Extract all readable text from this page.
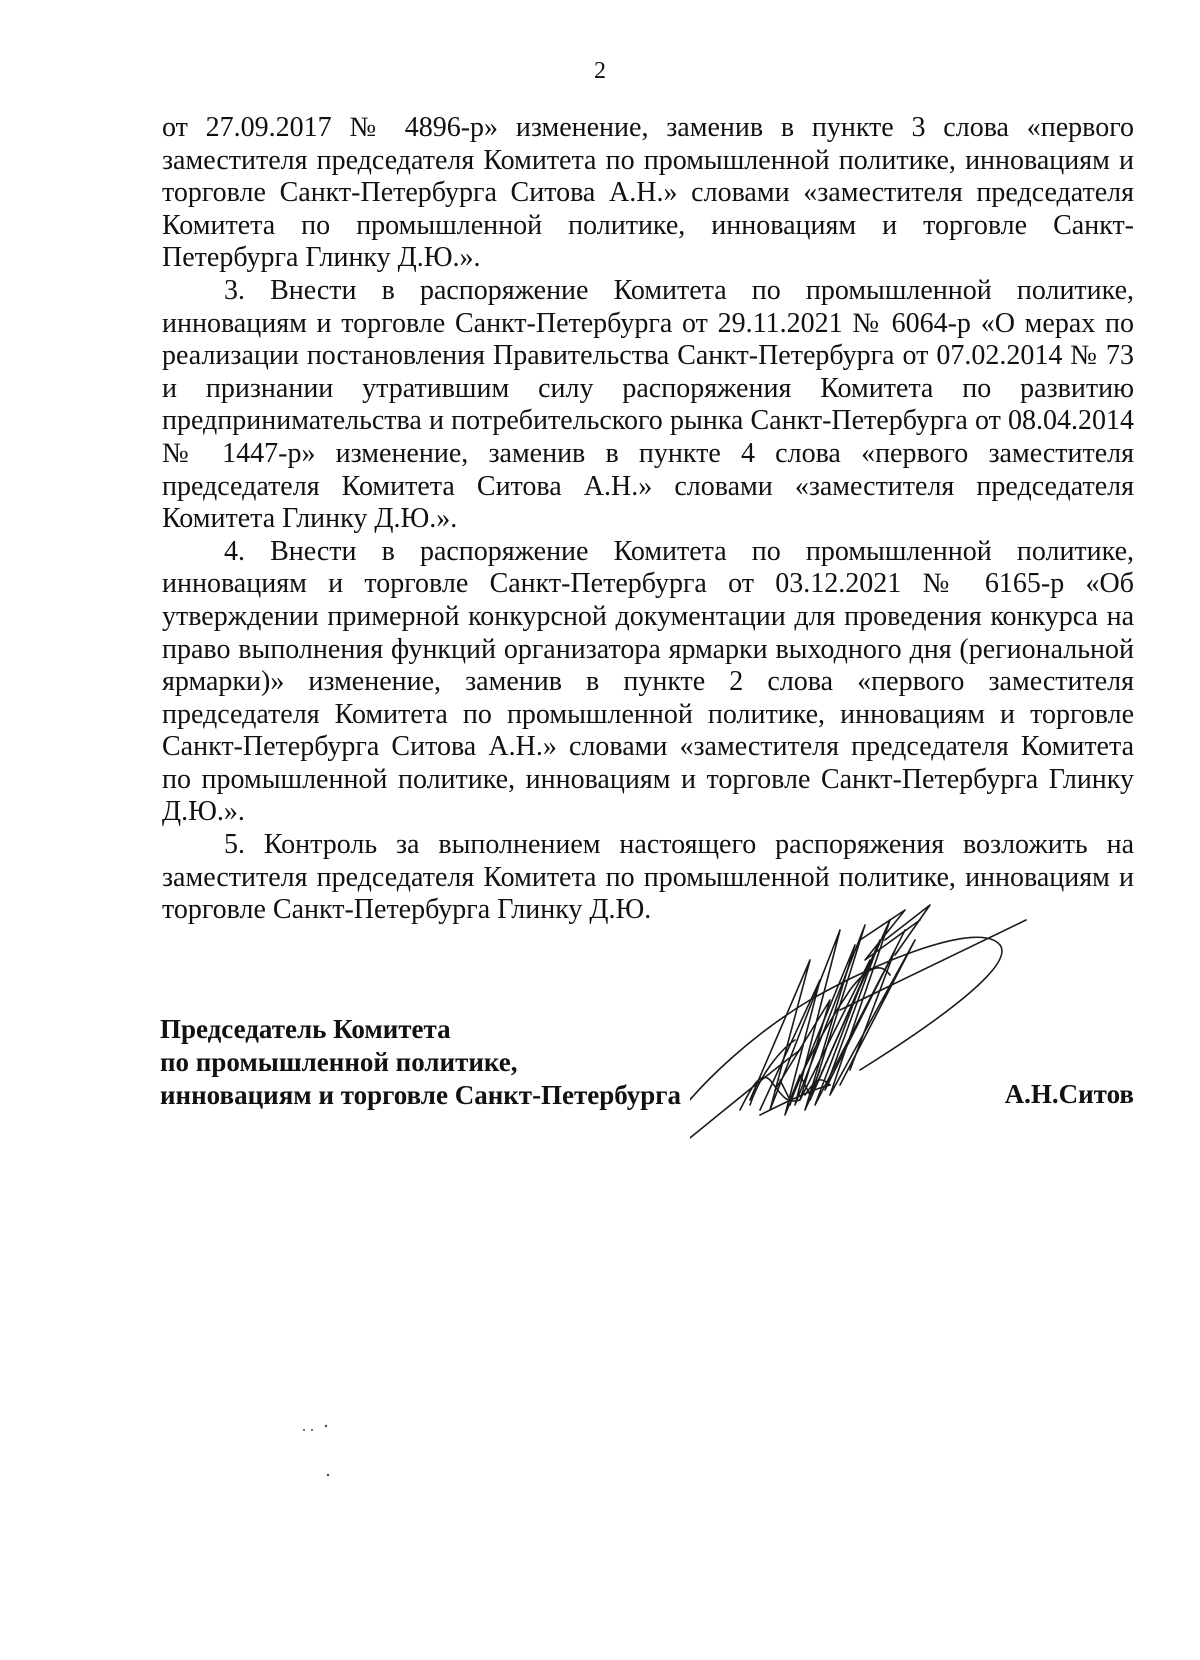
2

от 27.09.2017 № 4896-р» изменение, заменив в пункте 3 слова «первого заместителя председателя Комитета по промышленной политике, инновациям и торговле Санкт-Петербурга Ситова А.Н.» словами «заместителя председателя Комитета по промышленной политике, инновациям и торговле Санкт-Петербурга Глинку Д.Ю.».

3. Внести в распоряжение Комитета по промышленной политике, инновациям и торговле Санкт-Петербурга от 29.11.2021 № 6064-р «О мерах по реализации постановления Правительства Санкт-Петербурга от 07.02.2014 № 73 и признании утратившим силу распоряжения Комитета по развитию предпринимательства и потребительского рынка Санкт-Петербурга от 08.04.2014 № 1447-р» изменение, заменив в пункте 4 слова «первого заместителя председателя Комитета Ситова А.Н.» словами «заместителя председателя Комитета Глинку Д.Ю.».

4. Внести в распоряжение Комитета по промышленной политике, инновациям и торговле Санкт-Петербурга от 03.12.2021 № 6165-р «Об утверждении примерной конкурсной документации для проведения конкурса на право выполнения функций организатора ярмарки выходного дня (региональной ярмарки)» изменение, заменив в пункте 2 слова «первого заместителя председателя Комитета по промышленной политике, инновациям и торговле Санкт-Петербурга Ситова А.Н.» словами «заместителя председателя Комитета по промышленной политике, инновациям и торговле Санкт-Петербурга Глинку Д.Ю.».

5. Контроль за выполнением настоящего распоряжения возложить на заместителя председателя Комитета по промышленной политике, инновациям и торговле Санкт-Петербурга Глинку Д.Ю.

Председатель Комитета
по промышленной политике,
инновациям и торговле Санкт-Петербурга	А.Н.Ситов
